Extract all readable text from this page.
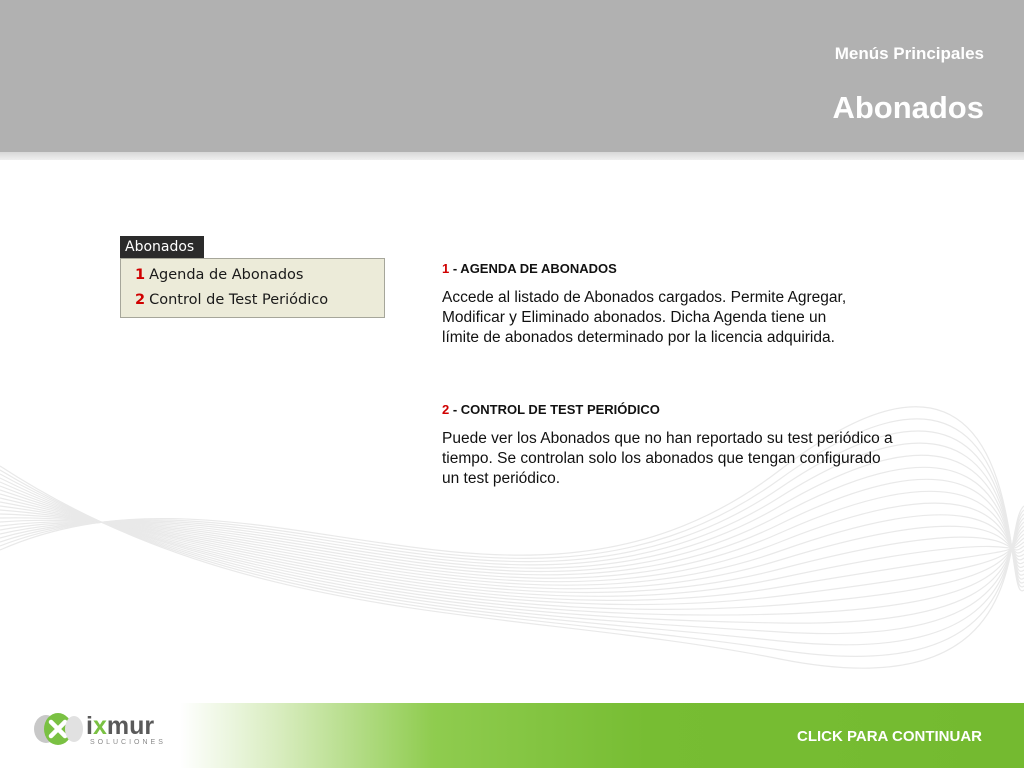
Menús Principales
Abonados
Abonados
1 Agenda de Abonados
2 Control de Test Periódico
1 - AGENDA DE ABONADOS
Accede al listado de Abonados cargados. Permite Agregar,
Modificar y Eliminado abonados. Dicha Agenda tiene un
límite de abonados determinado por la licencia adquirida.
2 - CONTROL DE TEST PERIÓDICO
Puede ver los Abonados que no han reportado su test periódico a
tiempo. Se controlan solo los abonados que tengan configurado
un test periódico.
CLICK PARA CONTINUAR
ixmur
SOLUCIONES
